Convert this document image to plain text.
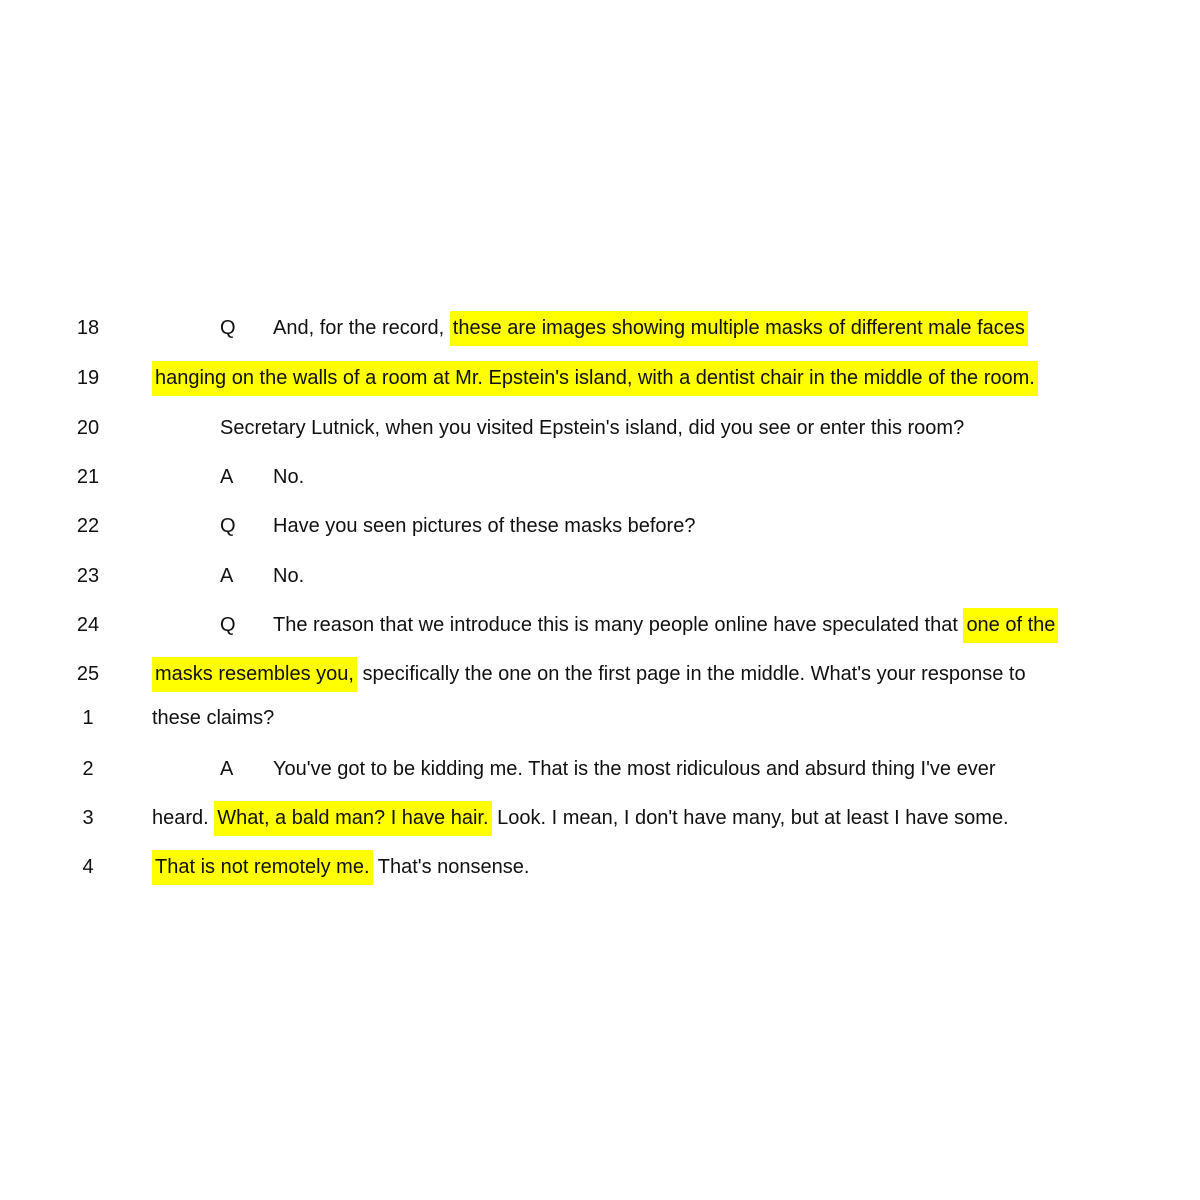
18	Q And, for the record, these are images showing multiple masks of different male faces
19	hanging on the walls of a room at Mr. Epstein's island, with a dentist chair in the middle of the room.
20	Secretary Lutnick, when you visited Epstein's island, did you see or enter this room?
21	A No.
22	Q Have you seen pictures of these masks before?
23	A No.
24	Q The reason that we introduce this is many people online have speculated that one of the
25	masks resembles you, specifically the one on the first page in the middle. What's your response to
1	these claims?
2	A You've got to be kidding me. That is the most ridiculous and absurd thing I've ever
3	heard. What, a bald man? I have hair. Look. I mean, I don't have many, but at least I have some.
4	That is not remotely me. That's nonsense.
